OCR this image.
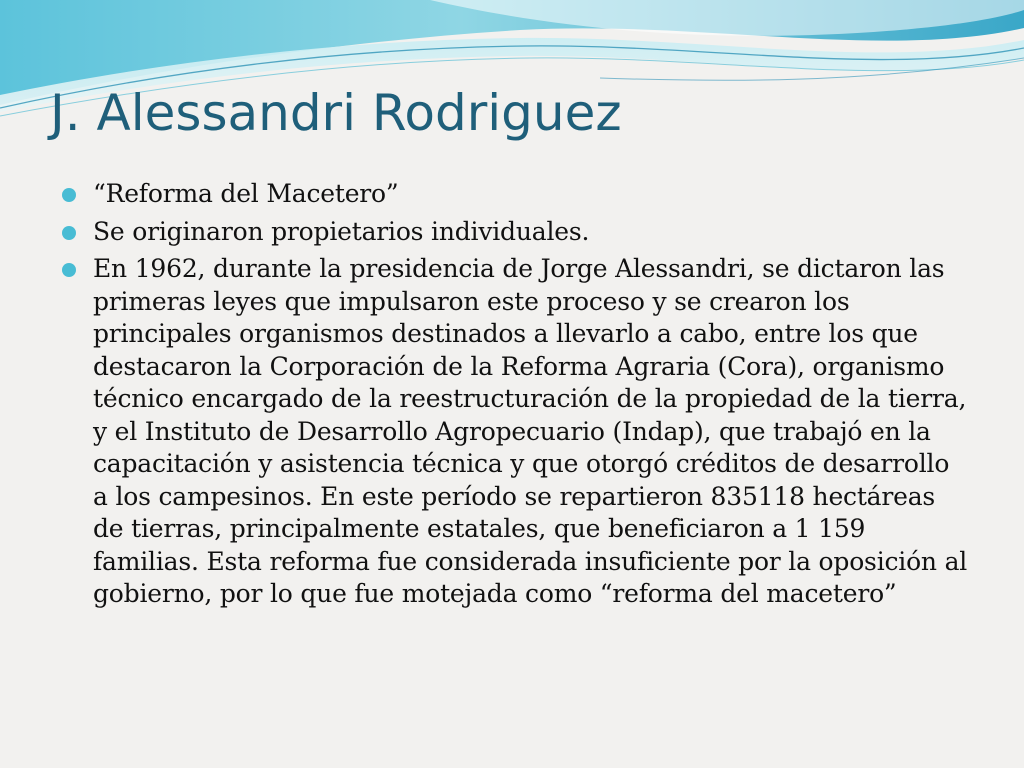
J. Alessandri Rodriguez
“Reforma del Macetero”
Se originaron propietarios individuales.
En 1962, durante la presidencia de Jorge Alessandri, se dictaron las primeras leyes que impulsaron este proceso y se crearon los principales organismos destinados a llevarlo a cabo, entre los que destacaron la Corporación de la Reforma Agraria (Cora), organismo técnico encargado de la reestructuración de la propiedad de la tierra, y el Instituto de Desarrollo Agropecuario (Indap), que trabajó en la capacitación y asistencia técnica y que otorgó créditos de desarrollo a los campesinos. En este período se repartieron 835118 hectáreas de tierras, principalmente estatales, que beneficiaron a 1 159 familias. Esta reforma fue considerada insuficiente por la oposición al gobierno, por lo que fue motejada como “reforma del macetero”
